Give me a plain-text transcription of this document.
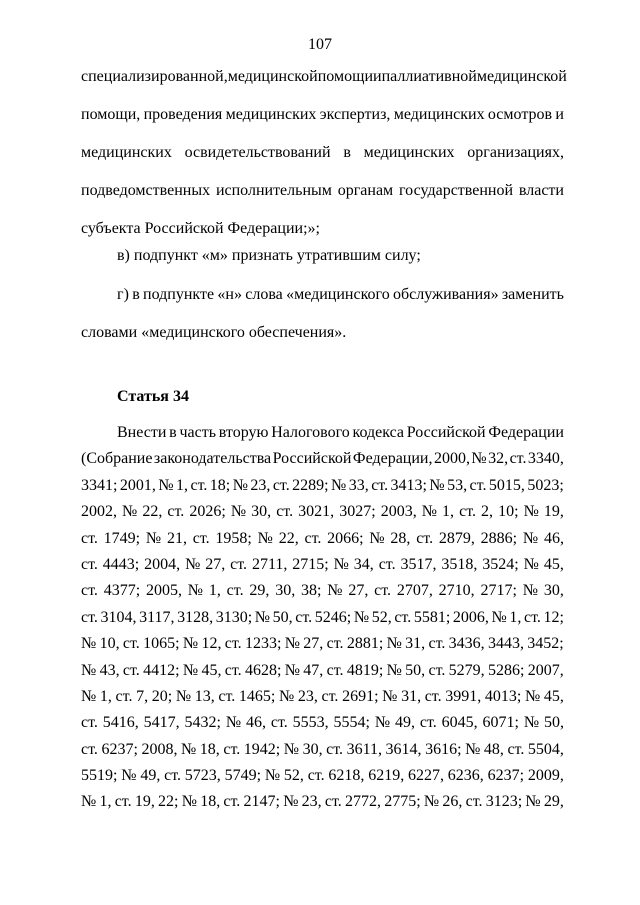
107
специализированной, медицинской помощи и паллиативной медицинской
помощи, проведения медицинских экспертиз, медицинских осмотров и
медицинских освидетельствований в медицинских организациях,
подведомственных исполнительным органам государственной власти
субъекта Российской Федерации;»;
в) подпункт «м» признать утратившим силу;
г) в подпункте «н» слова «медицинского обслуживания» заменить
словами «медицинского обеспечения».
Статья 34
Внести в часть вторую Налогового кодекса Российской Федерации
(Собрание законодательства Российской Федерации, 2000, № 32, ст. 3340,
3341; 2001, № 1, ст. 18; № 23, ст. 2289; № 33, ст. 3413; № 53, ст. 5015, 5023;
2002, № 22, ст. 2026; № 30, ст. 3021, 3027; 2003, № 1, ст. 2, 10; № 19,
ст. 1749; № 21, ст. 1958; № 22, ст. 2066; № 28, ст. 2879, 2886; № 46,
ст. 4443; 2004, № 27, ст. 2711, 2715; № 34, ст. 3517, 3518, 3524; № 45,
ст. 4377; 2005, № 1, ст. 29, 30, 38; № 27, ст. 2707, 2710, 2717; № 30,
ст. 3104, 3117, 3128, 3130; № 50, ст. 5246; № 52, ст. 5581; 2006, № 1, ст. 12;
№ 10, ст. 1065; № 12, ст. 1233; № 27, ст. 2881; № 31, ст. 3436, 3443, 3452;
№ 43, ст. 4412; № 45, ст. 4628; № 47, ст. 4819; № 50, ст. 5279, 5286; 2007,
№ 1, ст. 7, 20; № 13, ст. 1465; № 23, ст. 2691; № 31, ст. 3991, 4013; № 45,
ст. 5416, 5417, 5432; № 46, ст. 5553, 5554; № 49, ст. 6045, 6071; № 50,
ст. 6237; 2008, № 18, ст. 1942; № 30, ст. 3611, 3614, 3616; № 48, ст. 5504,
5519; № 49, ст. 5723, 5749; № 52, ст. 6218, 6219, 6227, 6236, 6237; 2009,
№ 1, ст. 19, 22; № 18, ст. 2147; № 23, ст. 2772, 2775; № 26, ст. 3123; № 29,
